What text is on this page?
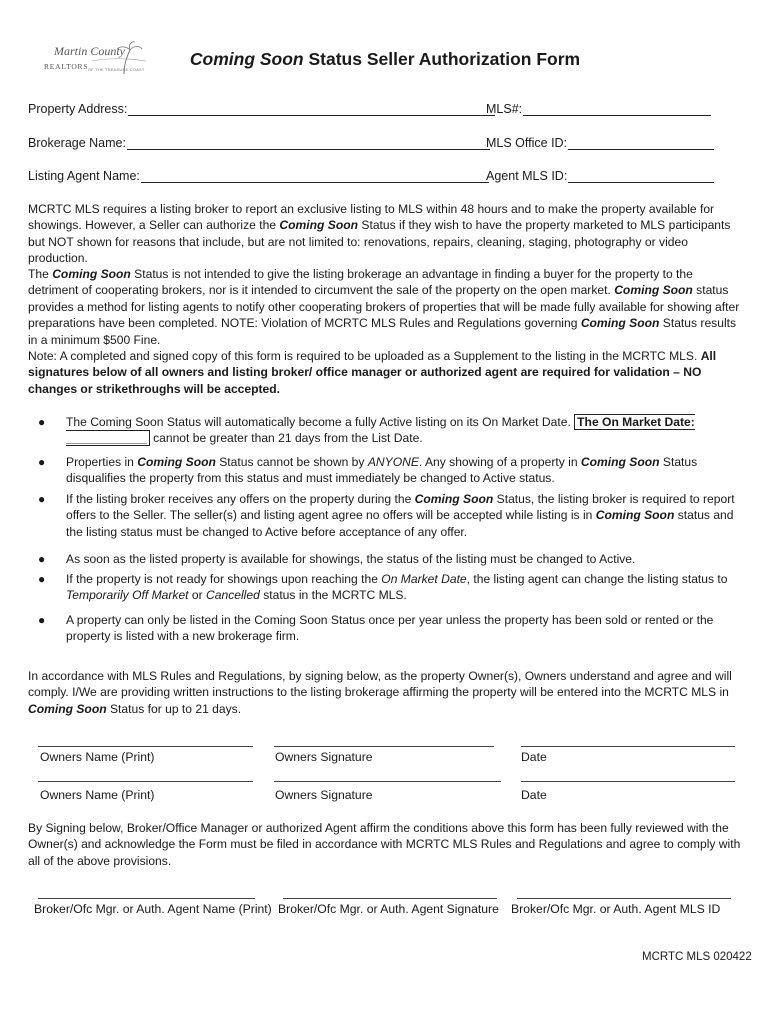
Martin County
REALTORS OF THE TREASURE COAST
Coming Soon Status Seller Authorization Form
Property Address:	MLS#:
Brokerage Name:	MLS Office ID:
Listing Agent Name:	Agent MLS ID:

MCRTC MLS requires a listing broker to report an exclusive listing to MLS within 48 hours and to make the property available for showings. However, a Seller can authorize the Coming Soon Status if they wish to have the property marketed to MLS participants but NOT shown for reasons that include, but are not limited to: renovations, repairs, cleaning, staging, photography or video production.

The Coming Soon Status is not intended to give the listing brokerage an advantage in finding a buyer for the property to the detriment of cooperating brokers, nor is it intended to circumvent the sale of the property on the open market. Coming Soon status provides a method for listing agents to notify other cooperating brokers of properties that will be made fully available for showing after preparations have been completed. NOTE: Violation of MCRTC MLS Rules and Regulations governing Coming Soon Status results in a minimum $500 Fine.

Note: A completed and signed copy of this form is required to be uploaded as a Supplement to the listing in the MCRTC MLS. All signatures below of all owners and listing broker/ office manager or authorized agent are required for validation – NO changes or strikethroughs will be accepted.

● The Coming Soon Status will automatically become a fully Active listing on its On Market Date. The On Market Date: ____________ cannot be greater than 21 days from the List Date.
● Properties in Coming Soon Status cannot be shown by ANYONE. Any showing of a property in Coming Soon Status disqualifies the property from this status and must immediately be changed to Active status.
● If the listing broker receives any offers on the property during the Coming Soon Status, the listing broker is required to report offers to the Seller. The seller(s) and listing agent agree no offers will be accepted while listing is in Coming Soon status and the listing status must be changed to Active before acceptance of any offer.
● As soon as the listed property is available for showings, the status of the listing must be changed to Active.
● If the property is not ready for showings upon reaching the On Market Date, the listing agent can change the listing status to Temporarily Off Market or Cancelled status in the MCRTC MLS.
● A property can only be listed in the Coming Soon Status once per year unless the property has been sold or rented or the property is listed with a new brokerage firm.

In accordance with MLS Rules and Regulations, by signing below, as the property Owner(s), Owners understand and agree and will comply. I/We are providing written instructions to the listing brokerage affirming the property will be entered into the MCRTC MLS in Coming Soon Status for up to 21 days.

Owners Name (Print)	Owners Signature	Date
Owners Name (Print)	Owners Signature	Date

By Signing below, Broker/Office Manager or authorized Agent affirm the conditions above this form has been fully reviewed with the Owner(s) and acknowledge the Form must be filed in accordance with MCRTC MLS Rules and Regulations and agree to comply with all of the above provisions.

Broker/Ofc Mgr. or Auth. Agent Name (Print) Broker/Ofc Mgr. or Auth. Agent Signature Broker/Ofc Mgr. or Auth. Agent MLS ID
MCRTC MLS 020422
